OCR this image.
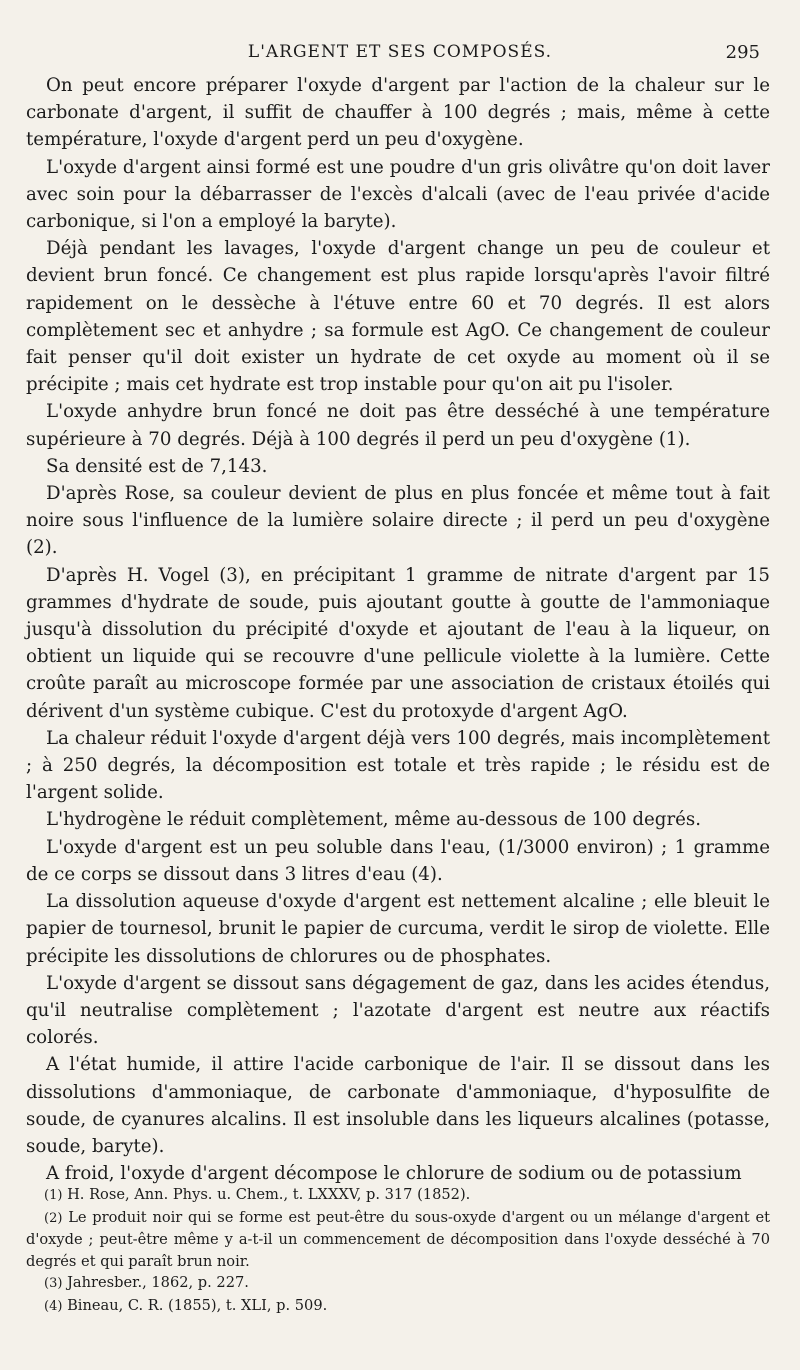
L'ARGENT ET SES COMPOSÉS.	295

On peut encore préparer l'oxyde d'argent par l'action de la chaleur sur le carbonate d'argent, il suffit de chauffer à 100 degrés ; mais, même à cette température, l'oxyde d'argent perd un peu d'oxygène.

L'oxyde d'argent ainsi formé est une poudre d'un gris olivâtre qu'on doit laver avec soin pour la débarrasser de l'excès d'alcali (avec de l'eau privée d'acide carbonique, si l'on a employé la baryte).

Déjà pendant les lavages, l'oxyde d'argent change un peu de couleur et devient brun foncé. Ce changement est plus rapide lorsqu'après l'avoir filtré rapidement on le dessèche à l'étuve entre 60 et 70 degrés. Il est alors complètement sec et anhydre ; sa formule est AgO. Ce changement de couleur fait penser qu'il doit exister un hydrate de cet oxyde au moment où il se précipite ; mais cet hydrate est trop instable pour qu'on ait pu l'isoler.

L'oxyde anhydre brun foncé ne doit pas être desséché à une température supérieure à 70 degrés. Déjà à 100 degrés il perd un peu d'oxygène (1).

Sa densité est de 7,143.

D'après Rose, sa couleur devient de plus en plus foncée et même tout à fait noire sous l'influence de la lumière solaire directe ; il perd un peu d'oxygène (2).

D'après H. Vogel (3), en précipitant 1 gramme de nitrate d'argent par 15 grammes d'hydrate de soude, puis ajoutant goutte à goutte de l'ammoniaque jusqu'à dissolution du précipité d'oxyde et ajoutant de l'eau à la liqueur, on obtient un liquide qui se recouvre d'une pellicule violette à la lumière. Cette croûte paraît au microscope formée par une association de cristaux étoilés qui dérivent d'un système cubique. C'est du protoxyde d'argent AgO.

La chaleur réduit l'oxyde d'argent déjà vers 100 degrés, mais incomplètement ; à 250 degrés, la décomposition est totale et très rapide ; le résidu est de l'argent solide.

L'hydrogène le réduit complètement, même au-dessous de 100 degrés.

L'oxyde d'argent est un peu soluble dans l'eau, (1/3000 environ) ; 1 gramme de ce corps se dissout dans 3 litres d'eau (4).

La dissolution aqueuse d'oxyde d'argent est nettement alcaline ; elle bleuit le papier de tournesol, brunit le papier de curcuma, verdit le sirop de violette. Elle précipite les dissolutions de chlorures ou de phosphates.

L'oxyde d'argent se dissout sans dégagement de gaz, dans les acides étendus, qu'il neutralise complètement ; l'azotate d'argent est neutre aux réactifs colorés.

A l'état humide, il attire l'acide carbonique de l'air. Il se dissout dans les dissolutions d'ammoniaque, de carbonate d'ammoniaque, d'hyposulfite de soude, de cyanures alcalins. Il est insoluble dans les liqueurs alcalines (potasse, soude, baryte).

A froid, l'oxyde d'argent décompose le chlorure de sodium ou de potassium

(1) H. Rose, Ann. Phys. u. Chem., t. LXXXV, p. 317 (1852).

(2) Le produit noir qui se forme est peut-être du sous-oxyde d'argent ou un mélange d'argent et d'oxyde ; peut-être même y a-t-il un commencement de décomposition dans l'oxyde desséché à 70 degrés et qui paraît brun noir.

(3) Jahresber., 1862, p. 227.

(4) Bineau, C. R. (1855), t. XLI, p. 509.
